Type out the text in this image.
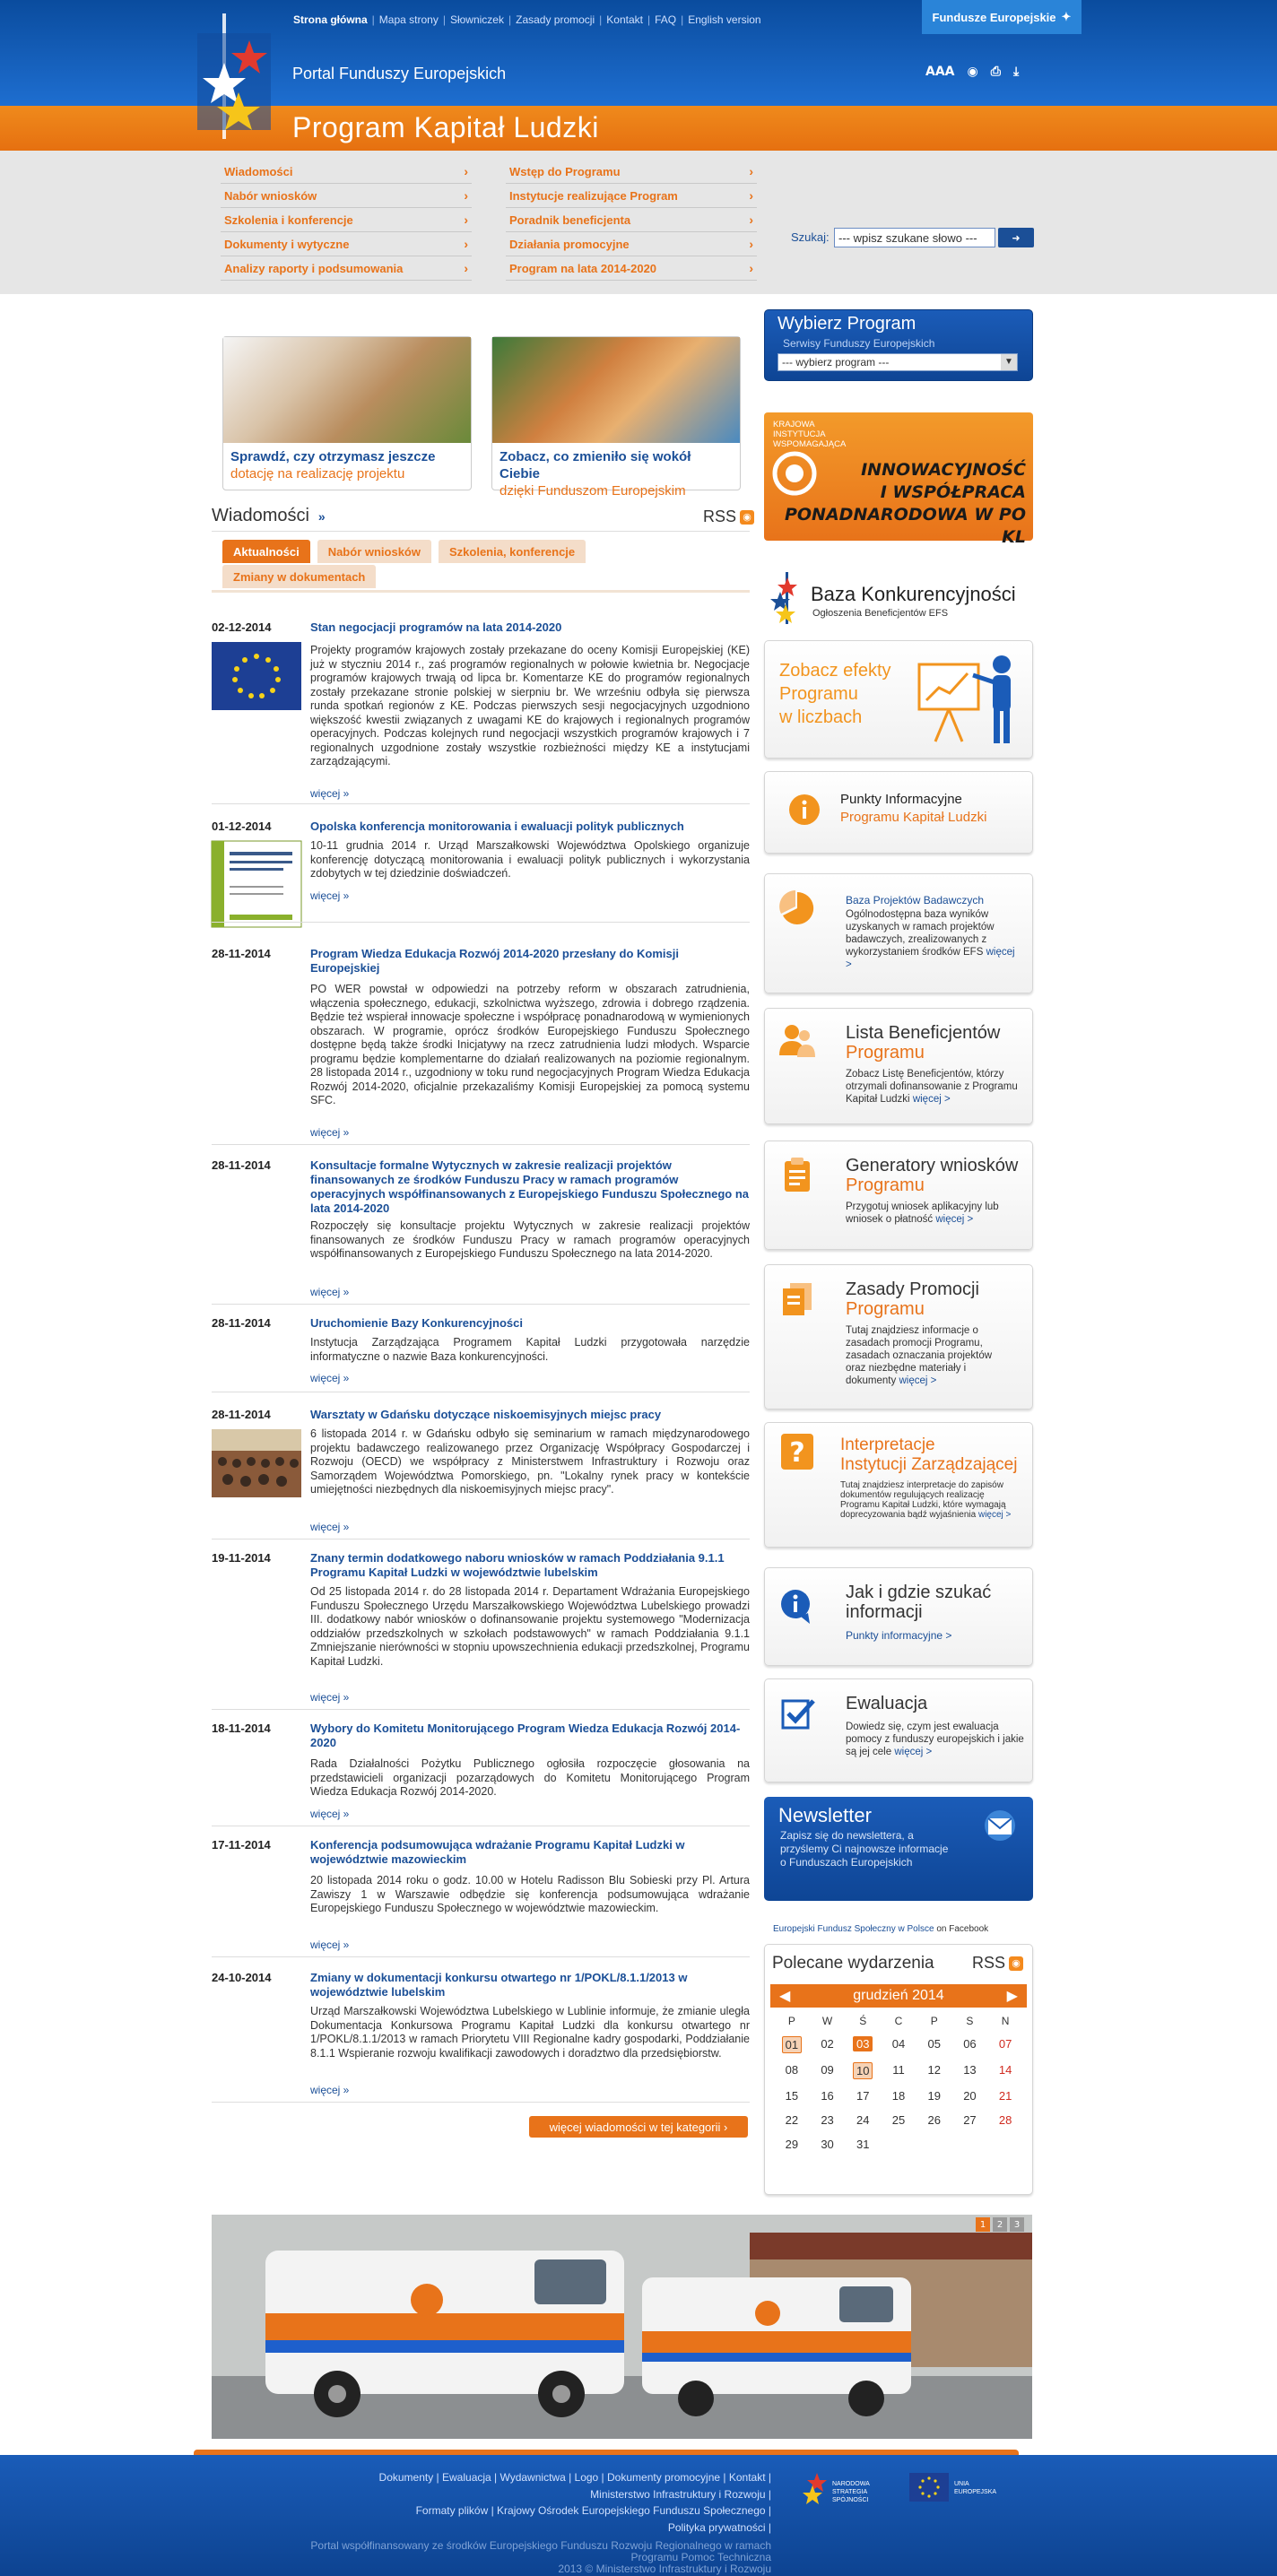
Portal Funduszy Europejskich
Program Kapitał Ludzki
Strona główna | Mapa strony | Słowniczek | Zasady promocji | Kontakt | FAQ | English version	Fundusze Europejskie ✦
AAA ◉ ⎙ ⤓
Wiadomości	›
Nabór wniosków	›
Szkolenia i konferencje	›
Dokumenty i wytyczne	›
Analizy raporty i podsumowania	›
Wstęp do Programu	›
Instytucje realizujące Program	›
Poradnik beneficjenta	›
Działania promocyjne	›
Program na lata 2014-2020	›
Szukaj:
--- wpisz szukane słowo ---	➜
Sprawdź, czy otrzymasz jeszcze
dotację na realizację projektu
Zobacz, co zmieniło się wokół Ciebie
dzięki Funduszom Europejskim
Wiadomości »	RSS ◉
Aktualności	Nabór wniosków	Szkolenia, konferencje
Zmiany w dokumentach
02-12-2014	Stan negocjacji programów na lata 2014-2020
Projekty programów krajowych zostały przekazane do oceny Komisji Europejskiej (KE) już w styczniu 2014 r., zaś programów regionalnych w połowie kwietnia br. Negocjacje programów krajowych trwają od lipca br. Komentarze KE do programów regionalnych zostały przekazane stronie polskiej w sierpniu br. We wrześniu odbyła się pierwsza runda spotkań regionów z KE. Podczas pierwszych sesji negocjacyjnych uzgodniono większość kwestii związanych z uwagami KE do krajowych i regionalnych programów operacyjnych. Podczas kolejnych rund negocjacji wszystkich programów krajowych i 7 regionalnych uzgodnione zostały wszystkie rozbieżności między KE a instytucjami zarządzającymi.
więcej »
01-12-2014	Opolska konferencja monitorowania i ewaluacji polityk publicznych
10-11 grudnia 2014 r. Urząd Marszałkowski Województwa Opolskiego organizuje konferencję dotyczącą monitorowania i ewaluacji polityk publicznych i wykorzystania zdobytych w tej dziedzinie doświadczeń.
więcej »
28-11-2014	Program Wiedza Edukacja Rozwój 2014-2020 przesłany do Komisji Europejskiej
PO WER powstał w odpowiedzi na potrzeby reform w obszarach zatrudnienia, włączenia społecznego, edukacji, szkolnictwa wyższego, zdrowia i dobrego rządzenia. Będzie też wspierał innowacje społeczne i współpracę ponadnarodową w wymienionych obszarach. W programie, oprócz środków Europejskiego Funduszu Społecznego dostępne będą także środki Inicjatywy na rzecz zatrudnienia ludzi młodych. Wsparcie programu będzie komplementarne do działań realizowanych na poziomie regionalnym. 28 listopada 2014 r., uzgodniony w toku rund negocjacyjnych Program Wiedza Edukacja Rozwój 2014-2020, oficjalnie przekazaliśmy Komisji Europejskiej za pomocą systemu SFC.
więcej »
28-11-2014	Konsultacje formalne Wytycznych w zakresie realizacji projektów finansowanych ze środków Funduszu Pracy w ramach programów operacyjnych współfinansowanych z Europejskiego Funduszu Społecznego na lata 2014-2020
Rozpoczęły się konsultacje projektu Wytycznych w zakresie realizacji projektów finansowanych ze środków Funduszu Pracy w ramach programów operacyjnych współfinansowanych z Europejskiego Funduszu Społecznego na lata 2014-2020.
więcej »
28-11-2014	Uruchomienie Bazy Konkurencyjności
Instytucja Zarządzająca Programem Kapitał Ludzki przygotowała narzędzie informatyczne o nazwie Baza konkurencyjności.
więcej »
28-11-2014	Warsztaty w Gdańsku dotyczące niskoemisyjnych miejsc pracy
6 listopada 2014 r. w Gdańsku odbyło się seminarium w ramach międzynarodowego projektu badawczego realizowanego przez Organizację Współpracy Gospodarczej i Rozwoju (OECD) we współpracy z Ministerstwem Infrastruktury i Rozwoju oraz Samorządem Województwa Pomorskiego, pn. "Lokalny rynek pracy w kontekście umiejętności niezbędnych dla niskoemisyjnych miejsc pracy".
więcej »
19-11-2014	Znany termin dodatkowego naboru wniosków w ramach Poddziałania 9.1.1 Programu Kapitał Ludzki w województwie lubelskim
Od 25 listopada 2014 r. do 28 listopada 2014 r. Departament Wdrażania Europejskiego Funduszu Społecznego Urzędu Marszałkowskiego Województwa Lubelskiego prowadzi III. dodatkowy nabór wniosków o dofinansowanie projektu systemowego "Modernizacja oddziałów przedszkolnych w szkołach podstawowych" w ramach Poddziałania 9.1.1 Zmniejszanie nierówności w stopniu upowszechnienia edukacji przedszkolnej, Programu Kapitał Ludzki.
więcej »
18-11-2014	Wybory do Komitetu Monitorującego Program Wiedza Edukacja Rozwój 2014-2020
Rada Działalności Pożytku Publicznego ogłosiła rozpoczęcie głosowania na przedstawicieli organizacji pozarządowych do Komitetu Monitorującego Program Wiedza Edukacja Rozwój 2014-2020.
więcej »
17-11-2014	Konferencja podsumowująca wdrażanie Programu Kapitał Ludzki w województwie mazowieckim
20 listopada 2014 roku o godz. 10.00 w Hotelu Radisson Blu Sobieski przy Pl. Artura Zawiszy 1 w Warszawie odbędzie się konferencja podsumowująca wdrażanie Europejskiego Funduszu Społecznego w województwie mazowieckim.
więcej »
24-10-2014	Zmiany w dokumentacji konkursu otwartego nr 1/POKL/8.1.1/2013 w województwie lubelskim
Urząd Marszałkowski Województwa Lubelskiego w Lublinie informuje, że zmianie uległa Dokumentacja Konkursowa Programu Kapitał Ludzki dla konkursu otwartego nr 1/POKL/8.1.1/2013 w ramach Priorytetu VIII Regionalne kadry gospodarki, Poddziałanie 8.1.1 Wspieranie rozwoju kwalifikacji zawodowych i doradztwo dla przedsiębiorstw.
więcej »
więcej wiadomości w tej kategorii ›
Wybierz Program
Serwisy Funduszy Europejskich
--- wybierz program ---	▼
KRAJOWA
INSTYTUCJA
WSPOMAGAJĄCA
INNOWACYJNOŚĆ
I WSPÓŁPRACA
PONADNARODOWA W PO KL
Baza Konkurencyjności
Ogłoszenia Beneficjentów EFS
Zobacz efekty
Programu
w liczbach
Punkty Informacyjne
Programu Kapitał Ludzki
Baza Projektów Badawczych
Ogólnodostępna baza wyników uzyskanych w ramach projektów badawczych, zrealizowanych z wykorzystaniem środków EFS więcej >
Lista Beneficjentów
Programu
Zobacz Listę Beneficjentów, którzy otrzymali dofinansowanie z Programu Kapitał Ludzki więcej >
Generatory wniosków
Programu
Przygotuj wniosek aplikacyjny lub wniosek o płatność więcej >
Zasady Promocji
Programu
Tutaj znajdziesz informacje o zasadach promocji Programu, zasadach oznaczania projektów oraz niezbędne materiały i dokumenty więcej >
? Interpretacje
Instytucji Zarządzającej
Tutaj znajdziesz interpretacje do zapisów dokumentów regulujących realizację Programu Kapitał Ludzki, które wymagają doprecyzowania bądź wyjaśnienia więcej >
Jak i gdzie szukać
informacji
Punkty informacyjne >
Ewaluacja
Dowiedz się, czym jest ewaluacja pomocy z funduszy europejskich i jakie są jej cele więcej >
Newsletter
Zapisz się do newslettera, a przyślemy Ci najnowsze informacje o Funduszach Europejskich
Europejski Fundusz Społeczny w Polsce on Facebook
Polecane wydarzenia RSS ◉
◀	grudzień 2014	▶
P	W	Ś	C	P	S	N
01	02	03	04	05	06	07
08	09	10	11	12	13	14
15	16	17	18	19	20	21
22	23	24	25	26	27	28
29	30	31
1	2	3
Dokumenty | Ewaluacja | Wydawnictwa | Logo | Dokumenty promocyjne | Kontakt |
Ministerstwo Infrastruktury i Rozwoju |
Formaty plików | Krajowy Ośrodek Europejskiego Funduszu Społecznego |
Polityka prywatności |
Portal współfinansowany ze środków Europejskiego Funduszu Rozwoju Regionalnego w ramach
Programu Pomoc Techniczna
2013 © Ministerstwo Infrastruktury i Rozwoju
NARODOWA
STRATEGIA SPÓJNOŚCI
UNIA
EUROPEJSKA
